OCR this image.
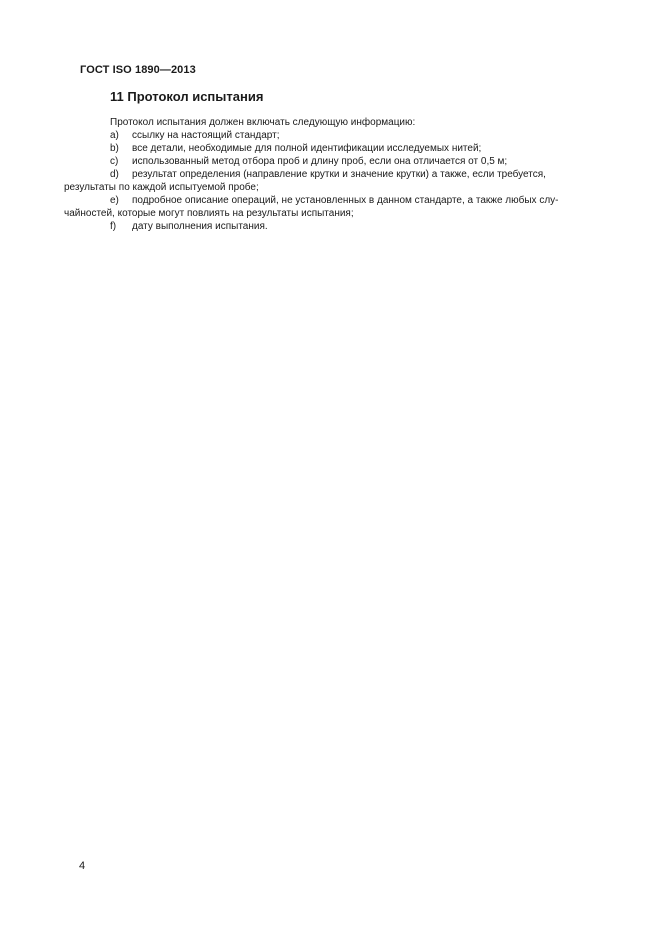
ГОСТ ISO 1890—2013
11 Протокол испытания
Протокол испытания должен включать следующую информацию:
a) ссылку на настоящий стандарт;
b) все детали, необходимые для полной идентификации исследуемых нитей;
c) использованный метод отбора проб и длину проб, если она отличается от 0,5 м;
d) результат определения (направление крутки и значение крутки) а также, если требуется,
результаты по каждой испытуемой пробе;
e) подробное описание операций, не установленных в данном стандарте, а также любых слу-
чайностей, которые могут повлиять на результаты испытания;
f) дату выполнения испытания.
4
